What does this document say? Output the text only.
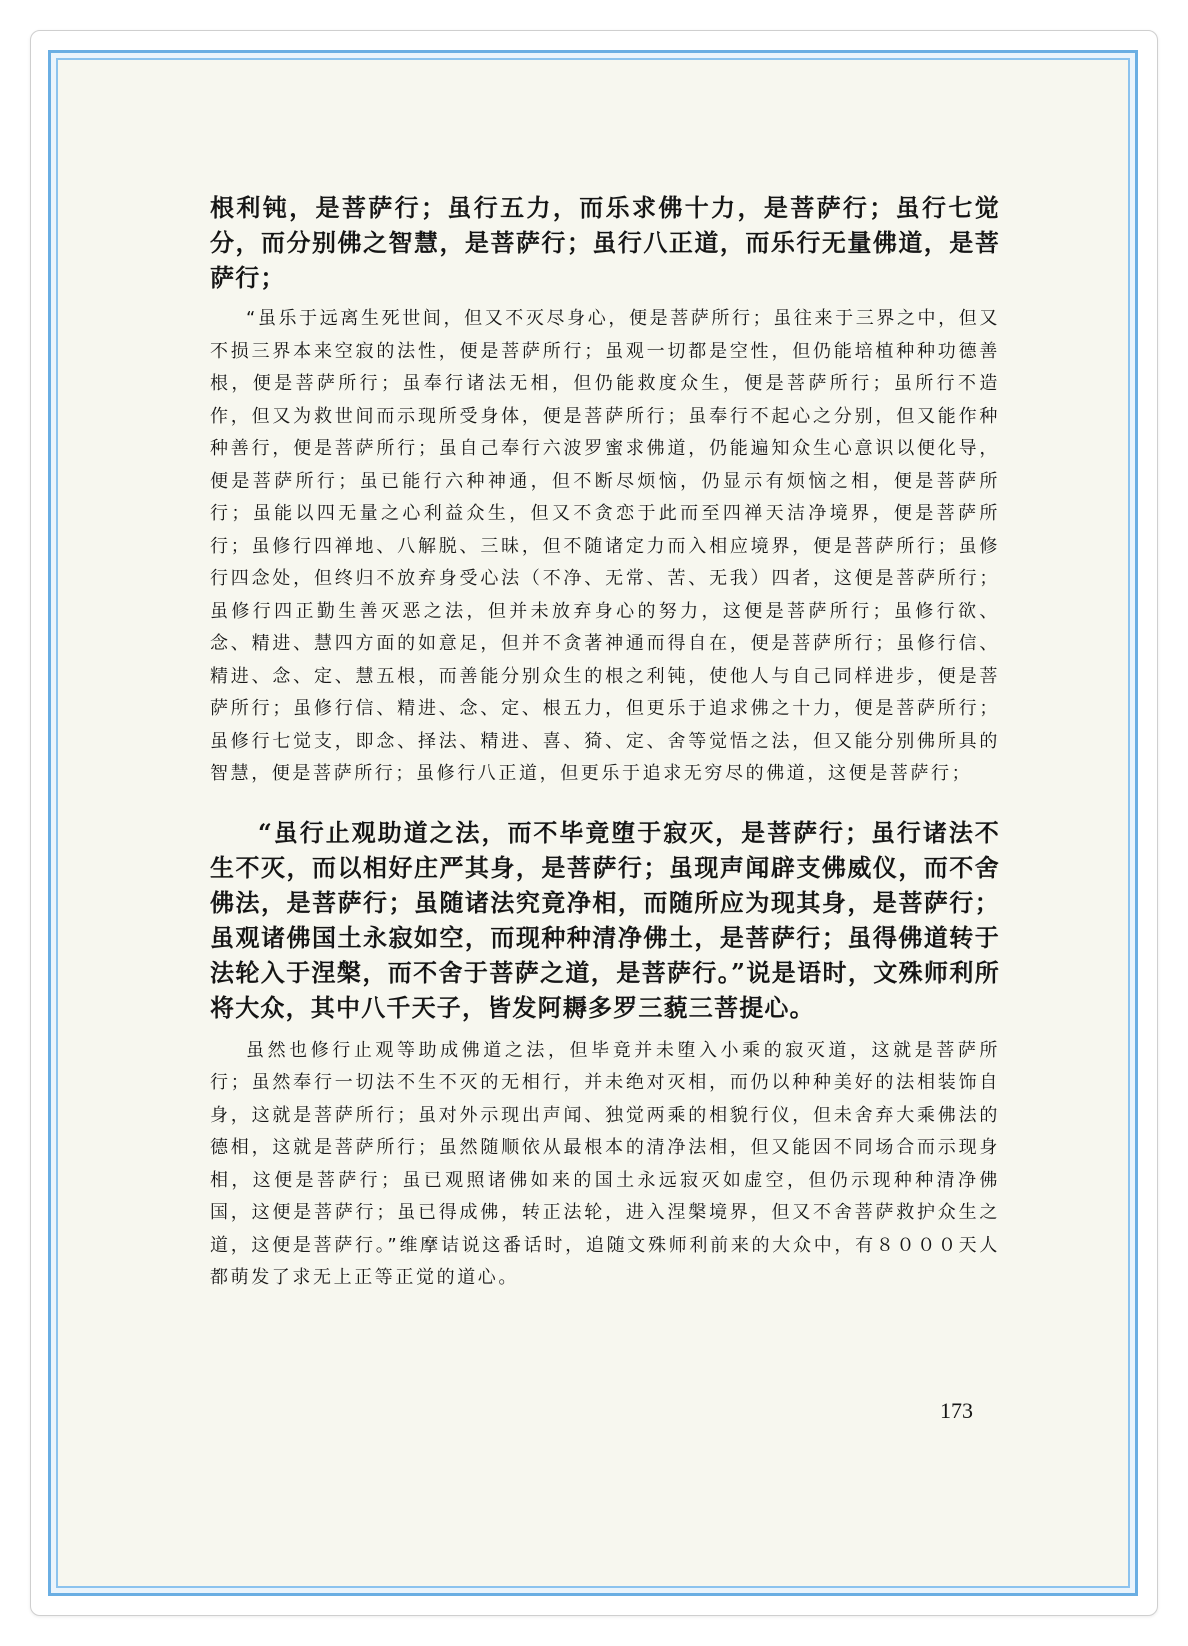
根利钝，是菩萨行；虽行五力，而乐求佛十力，是菩萨行；虽行七觉分，而分别佛之智慧，是菩萨行；虽行八正道，而乐行无量佛道，是菩萨行；

“虽乐于远离生死世间，但又不灭尽身心，便是菩萨所行；虽往来于三界之中，但又不损三界本来空寂的法性，便是菩萨所行；虽观一切都是空性，但仍能培植种种功德善根，便是菩萨所行；虽奉行诸法无相，但仍能救度众生，便是菩萨所行；虽所行不造作，但又为救世间而示现所受身体，便是菩萨所行；虽奉行不起心之分别，但又能作种种善行，便是菩萨所行；虽自己奉行六波罗蜜求佛道，仍能遍知众生心意识以便化导，便是菩萨所行；虽已能行六种神通，但不断尽烦恼，仍显示有烦恼之相，便是菩萨所行；虽能以四无量之心利益众生，但又不贪恋于此而至四禅天洁净境界，便是菩萨所行；虽修行四禅地、八解脱、三昧，但不随诸定力而入相应境界，便是菩萨所行；虽修行四念处，但终归不放弃身受心法（不净、无常、苦、无我）四者，这便是菩萨所行；虽修行四正勤生善灭恶之法，但并未放弃身心的努力，这便是菩萨所行；虽修行欲、念、精进、慧四方面的如意足，但并不贪著神通而得自在，便是菩萨所行；虽修行信、精进、念、定、慧五根，而善能分别众生的根之利钝，使他人与自己同样进步，便是菩萨所行；虽修行信、精进、念、定、根五力，但更乐于追求佛之十力，便是菩萨所行；虽修行七觉支，即念、择法、精进、喜、猗、定、舍等觉悟之法，但又能分别佛所具的智慧，便是菩萨所行；虽修行八正道，但更乐于追求无穷尽的佛道，这便是菩萨行；

“虽行止观助道之法，而不毕竟堕于寂灭，是菩萨行；虽行诸法不生不灭，而以相好庄严其身，是菩萨行；虽现声闻辟支佛威仪，而不舍佛法，是菩萨行；虽随诸法究竟净相，而随所应为现其身，是菩萨行；虽观诸佛国土永寂如空，而现种种清净佛土，是菩萨行；虽得佛道转于法轮入于涅槃，而不舍于菩萨之道，是菩萨行。”说是语时，文殊师利所将大众，其中八千天子，皆发阿耨多罗三藐三菩提心。

虽然也修行止观等助成佛道之法，但毕竟并未堕入小乘的寂灭道，这就是菩萨所行；虽然奉行一切法不生不灭的无相行，并未绝对灭相，而仍以种种美好的法相装饰自身，这就是菩萨所行；虽对外示现出声闻、独觉两乘的相貌行仪，但未舍弃大乘佛法的德相，这就是菩萨所行；虽然随顺依从最根本的清净法相，但又能因不同场合而示现身相，这便是菩萨行；虽已观照诸佛如来的国土永远寂灭如虚空，但仍示现种种清净佛国，这便是菩萨行；虽已得成佛，转正法轮，进入涅槃境界，但又不舍菩萨救护众生之道，这便是菩萨行。”维摩诘说这番话时，追随文殊师利前来的大众中，有８０００天人都萌发了求无上正等正觉的道心。

173
